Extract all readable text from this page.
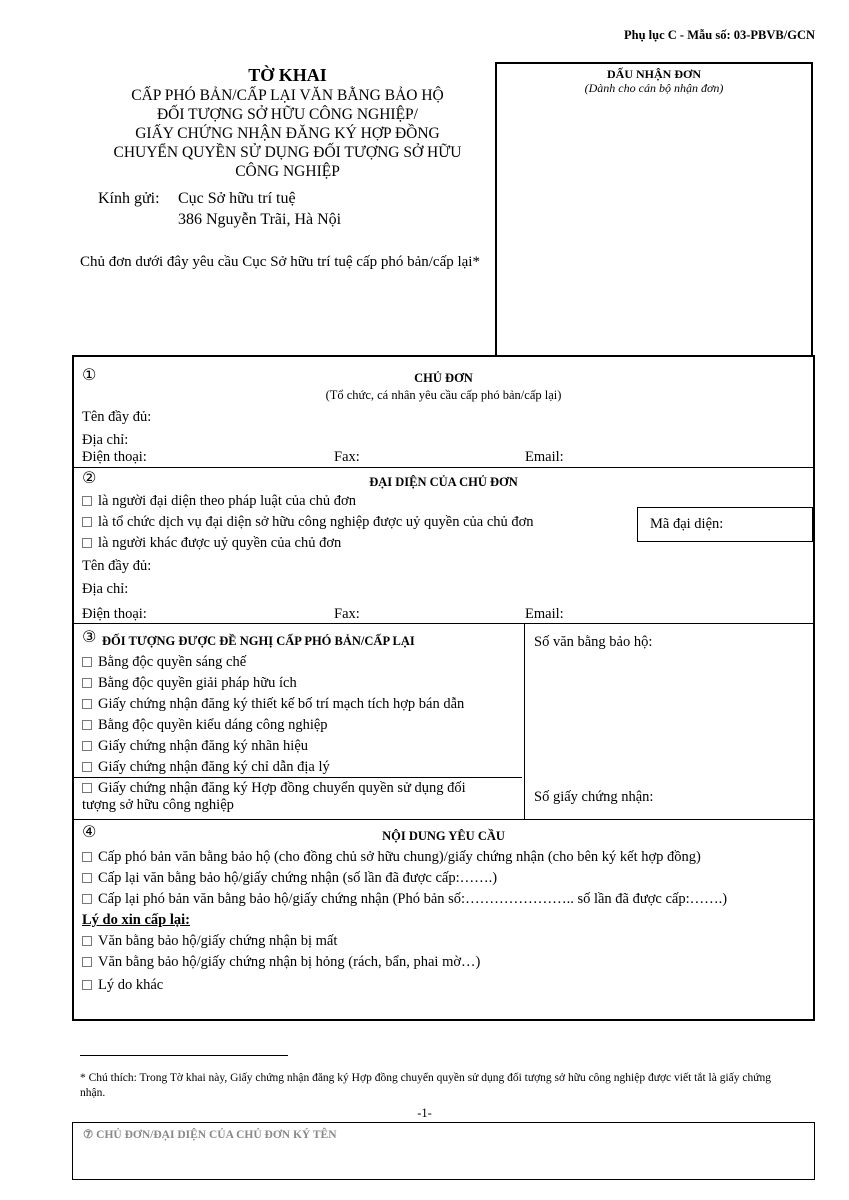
Phụ lục C - Mẫu số: 03-PBVB/GCN
TỜ KHAI
CẤP PHÓ BẢN/CẤP LẠI VĂN BẰNG BẢO HỘ
ĐỐI TƯỢNG SỞ HỮU CÔNG NGHIỆP/
GIẤY CHỨNG NHẬN ĐĂNG KÝ HỢP ĐỒNG
CHUYỂN QUYỀN SỬ DỤNG ĐỐI TƯỢNG SỞ HỮU
CÔNG NGHIỆP
Kính gửi:	Cục Sở hữu trí tuệ
386 Nguyễn Trãi, Hà Nội
Chủ đơn dưới đây yêu cầu Cục Sở hữu trí tuệ cấp phó bản/cấp lại*
DẤU NHẬN ĐƠN
(Dành cho cán bộ nhận đơn)
①	CHỦ ĐƠN
(Tổ chức, cá nhân yêu cầu cấp phó bản/cấp lại)
Tên đầy đủ:
Địa chỉ:
Điện thoại:	Fax:	Email:
②	ĐẠI DIỆN CỦA CHỦ ĐƠN
là người đại diện theo pháp luật của chủ đơn
là tổ chức dịch vụ đại diện sở hữu công nghiệp được uỷ quyền của chủ đơn
là người khác được uỷ quyền của chủ đơn
Mã đại diện:
Tên đầy đủ:
Địa chỉ:
Điện thoại:	Fax:	Email:
③ ĐỐI TƯỢNG ĐƯỢC ĐỀ NGHỊ CẤP PHÓ BẢN/CẤP LẠI	Số văn bằng bảo hộ:
Bằng độc quyền sáng chế
Bằng độc quyền giải pháp hữu ích
Giấy chứng nhận đăng ký thiết kế bố trí mạch tích hợp bán dẫn
Bằng độc quyền kiểu dáng công nghiệp
Giấy chứng nhận đăng ký nhãn hiệu
Giấy chứng nhận đăng ký chỉ dẫn địa lý
Giấy chứng nhận đăng ký Hợp đồng chuyển quyền sử dụng đối
tượng sở hữu công nghiệp	Số giấy chứng nhận:
④	NỘI DUNG YÊU CẦU
Cấp phó bản văn bằng bảo hộ (cho đồng chủ sở hữu chung)/giấy chứng nhận (cho bên ký kết hợp đồng)
Cấp lại văn bằng bảo hộ/giấy chứng nhận (số lần đã được cấp:…….)
Cấp lại phó bản văn bằng bảo hộ/giấy chứng nhận (Phó bản số:………………….. số lần đã được cấp:…….)
Lý do xin cấp lại:
Văn bằng bảo hộ/giấy chứng nhận bị mất
Văn bằng bảo hộ/giấy chứng nhận bị hỏng (rách, bẩn, phai mờ…)
Lý do khác
* Chú thích: Trong Tờ khai này, Giấy chứng nhận đăng ký Hợp đồng chuyển quyền sử dụng đối tượng sở hữu công nghiệp được viết tắt là giấy chứng nhận.
-1-
⑦ CHỦ ĐƠN/ĐẠI DIỆN CỦA CHỦ ĐƠN KÝ TÊN
